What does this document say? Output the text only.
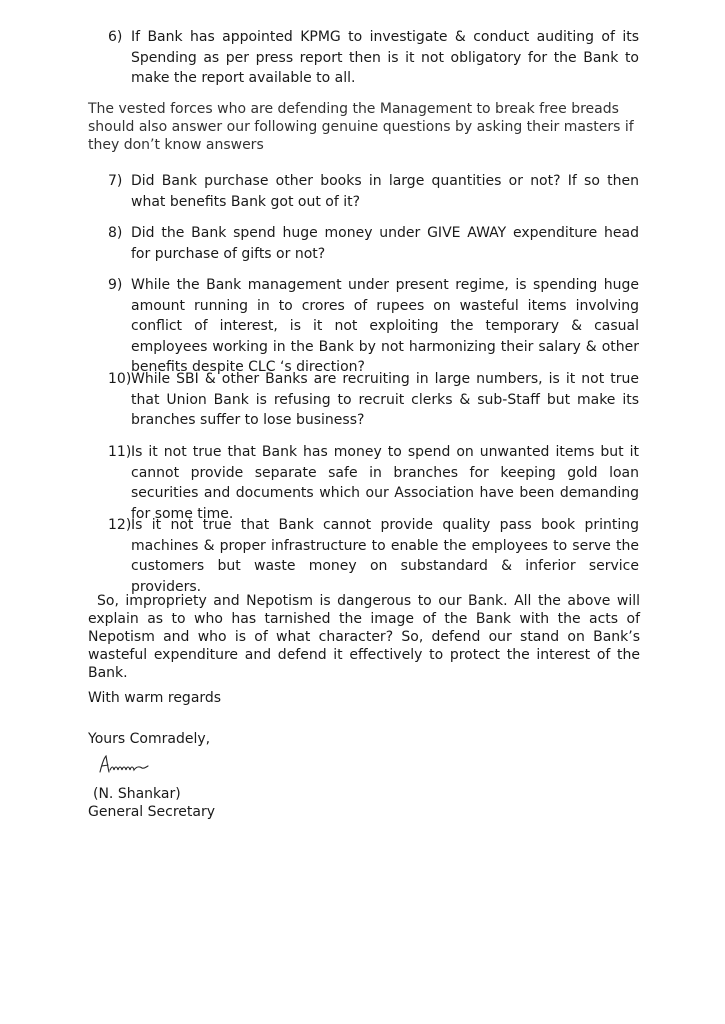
6) If Bank has appointed KPMG to investigate & conduct auditing of its Spending as per press report then is it not obligatory for the Bank to make the report available to all.

The vested forces who are defending the Management to break free breads should also answer our following genuine questions by asking their masters if they don’t know answers

7) Did Bank purchase other books in large quantities or not? If so then what benefits Bank got out of it?
8) Did the Bank spend huge money under GIVE AWAY expenditure head for purchase of gifts or not?
9) While the Bank management under present regime, is spending huge amount running in to crores of rupees on wasteful items involving conflict of interest, is it not exploiting the temporary & casual employees working in the Bank by not harmonizing their salary & other benefits despite CLC ‘s direction?
10) While SBI & other Banks are recruiting in large numbers, is it not true that Union Bank is refusing to recruit clerks & sub-Staff but make its branches suffer to lose business?
11) Is it not true that Bank has money to spend on unwanted items but it cannot provide separate safe in branches for keeping gold loan securities and documents which our Association have been demanding for some time.
12) Is it not true that Bank cannot provide quality pass book printing machines & proper infrastructure to enable the employees to serve the customers but waste money on substandard & inferior service providers.

So, impropriety and Nepotism is dangerous to our Bank. All the above will explain as to who has tarnished the image of the Bank with the acts of Nepotism and who is of what character? So, defend our stand on Bank’s wasteful expenditure and defend it effectively to protect the interest of the Bank.

With warm regards

Yours Comradely,

(N. Shankar)

General Secretary
